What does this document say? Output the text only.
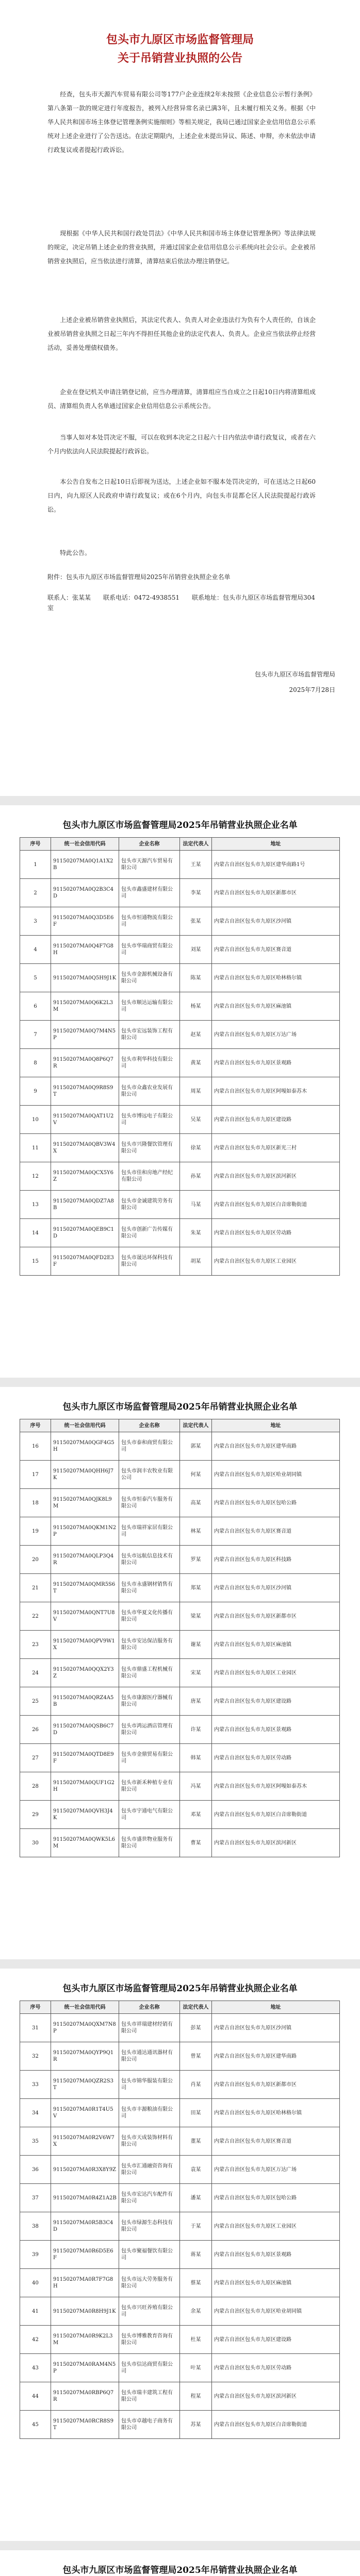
包头市九原区市场监督管理局
关于吊销营业执照的公告

经查，包头市天源汽车贸易有限公司等177户企业连续2年未按照《企业信息公示暂行条例》第八条第一款的规定进行年度报告，被列入经营异常名录已满3年，且未履行相关义务。根据《中华人民共和国市场主体登记管理条例实施细则》等相关规定，我局已通过国家企业信用信息公示系统对上述企业进行了公告送达。在法定期限内，上述企业未提出异议、陈述、申辩，亦未依法申请行政复议或者提起行政诉讼。

现根据《中华人民共和国行政处罚法》《中华人民共和国市场主体登记管理条例》等法律法规的规定，决定吊销上述企业的营业执照，并通过国家企业信用信息公示系统向社会公示。企业被吊销营业执照后，应当依法进行清算，清算结束后依法办理注销登记。

上述企业被吊销营业执照后，其法定代表人、负责人对企业违法行为负有个人责任的，自该企业被吊销营业执照之日起三年内不得担任其他企业的法定代表人、负责人。企业应当依法停止经营活动，妥善处理债权债务。

企业在登记机关申请注销登记前，应当办理清算，清算组应当自成立之日起10日内将清算组成员、清算组负责人名单通过国家企业信用信息公示系统公告。

当事人如对本处罚决定不服，可以在收到本决定之日起六十日内依法申请行政复议，或者在六个月内依法向人民法院提起行政诉讼。

本公告自发布之日起10日后即视为送达，上述企业如不服本处罚决定的，可在送达之日起60日内，向九原区人民政府申请行政复议；或在6个月内，向包头市昆都仑区人民法院提起行政诉讼。

特此公告。

附件：包头市九原区市场监督管理局2025年吊销营业执照企业名单
联系人：张某某　　联系电话：0472-4938551　　联系地址：包头市九原区市场监督管理局304室
包头市九原区市场监督管理局
2025年7月28日
包头市九原区市场监督管理局2025年吊销营业执照企业名单
序号	统一社会信用代码	企业名称	法定代表人	地址
1	91150207MA0Q1A1X2B	包头市天源汽车贸易有限公司	王某	内蒙古自治区包头市九原区建华南路1号
2	91150207MA0Q2B3C4D	包头市鑫盛建材有限公司	李某	内蒙古自治区包头市九原区新都市区
3	91150207MA0Q3D5E6F	包头市恒通物流有限公司	张某	内蒙古自治区包头市九原区沙河镇
4	91150207MA0Q4F7G8H	包头市华瑞商贸有限公司	刘某	内蒙古自治区包头市九原区赛音道
5	91150207MA0Q5H9J1K	包头市金源机械设备有限公司	陈某	内蒙古自治区包头市九原区哈林格尔镇
6	91150207MA0Q6K2L3M	包头市顺达运输有限公司	杨某	内蒙古自治区包头市九原区麻池镇
7	91150207MA0Q7M4N5P	包头市宏远装饰工程有限公司	赵某	内蒙古自治区包头市九原区万达广场
8	91150207MA0Q8P6Q7R	包头市利华科技有限公司	黄某	内蒙古自治区包头市九原区景观路
9	91150207MA0Q9R8S9T	包头市众鑫农业发展有限公司	周某	内蒙古自治区包头市九原区阿嘎如泰苏木
10	91150207MA0QAT1U2V	包头市博远电子有限公司	吴某	内蒙古自治区包头市九原区建设路
11	91150207MA0QBV3W4X	包头市兴隆餐饮管理有限公司	徐某	内蒙古自治区包头市九原区新光三村
12	91150207MA0QCX5Y6Z	包头市佳和房地产经纪有限公司	孙某	内蒙古自治区包头市九原区滨河新区
13	91150207MA0QDZ7A8B	包头市金诚建筑劳务有限公司	马某	内蒙古自治区包头市九原区白音席勒街道
14	91150207MA0QEB9C1D	包头市创新广告传媒有限公司	朱某	内蒙古自治区包头市九原区劳动路
15	91150207MA0QFD2E3F	包头市晟达环保科技有限公司	胡某	内蒙古自治区包头市九原区工业园区
包头市九原区市场监督管理局2025年吊销营业执照企业名单
序号	统一社会信用代码	企业名称	法定代表人	地址
16	91150207MA0QGF4G5H	包头市泰和商贸有限公司	郭某	内蒙古自治区包头市九原区建华南路
17	91150207MA0QHH6J7K	包头市润丰农牧业有限公司	何某	内蒙古自治区包头市九原区哈业胡同镇
18	91150207MA0QJK8L9M	包头市恒泰汽车服务有限公司	高某	内蒙古自治区包头市九原区包哈公路
19	91150207MA0QKM1N2P	包头市瑞祥家居有限公司	林某	内蒙古自治区包头市九原区赛音道
20	91150207MA0QLP3Q4R	包头市远航信息技术有限公司	罗某	内蒙古自治区包头市九原区科技路
21	91150207MA0QMR5S6T	包头市永盛钢材销售有限公司	郑某	内蒙古自治区包头市九原区沙河镇
22	91150207MA0QNT7U8V	包头市华夏文化传播有限公司	梁某	内蒙古自治区包头市九原区新都市区
23	91150207MA0QPV9W1X	包头市安达保洁服务有限公司	谢某	内蒙古自治区包头市九原区麻池镇
24	91150207MA0QQX2Y3Z	包头市鼎盛工程机械有限公司	宋某	内蒙古自治区包头市九原区工业园区
25	91150207MA0QRZ4A5B	包头市康源医疗器械有限公司	唐某	内蒙古自治区包头市九原区建设路
26	91150207MA0QSB6C7D	包头市鸿运酒店管理有限公司	许某	内蒙古自治区包头市九原区景观路
27	91150207MA0QTD8E9F	包头市金鼎贸易有限公司	韩某	内蒙古自治区包头市九原区劳动路
28	91150207MA0QUF1G2H	包头市新禾种植专业有限公司	冯某	内蒙古自治区包头市九原区阿嘎如泰苏木
29	91150207MA0QVH3J4K	包头市宇通电气有限公司	邓某	内蒙古自治区包头市九原区白音席勒街道
30	91150207MA0QWK5L6M	包头市盛世物业服务有限公司	曹某	内蒙古自治区包头市九原区滨河新区
包头市九原区市场监督管理局2025年吊销营业执照企业名单
序号	统一社会信用代码	企业名称	法定代表人	地址
31	91150207MA0QXM7N8P	包头市祥瑞建材经销有限公司	彭某	内蒙古自治区包头市九原区沙河镇
32	91150207MA0QYP9Q1R	包头市通达通讯器材有限公司	曾某	内蒙古自治区包头市九原区建华南路
33	91150207MA0QZR2S3T	包头市锦华服装有限公司	肖某	内蒙古自治区包头市九原区新都市区
34	91150207MA0R1T4U5V	包头市丰源粮油有限公司	田某	内蒙古自治区包头市九原区哈林格尔镇
35	91150207MA0R2V6W7X	包头市天成装饰材料有限公司	董某	内蒙古自治区包头市九原区赛音道
36	91150207MA0R3X8Y9Z	包头市汇通融资咨询有限公司	袁某	内蒙古自治区包头市九原区万达广场
37	91150207MA0R4Z1A2B	包头市宏达汽车配件有限公司	潘某	内蒙古自治区包头市九原区包哈公路
38	91150207MA0R5B3C4D	包头市绿源生态科技有限公司	于某	内蒙古自治区包头市九原区工业园区
39	91150207MA0R6D5E6F	包头市聚福餐饮有限公司	蒋某	内蒙古自治区包头市九原区景观路
40	91150207MA0R7F7G8H	包头市远大劳务服务有限公司	蔡某	内蒙古自治区包头市九原区麻池镇
41	91150207MA0R8H9J1K	包头市兴旺养殖有限公司	余某	内蒙古自治区包头市九原区哈业胡同镇
42	91150207MA0R9K2L3M	包头市博雅教育咨询有限公司	杜某	内蒙古自治区包头市九原区建设路
43	91150207MA0RAM4N5P	包头市信达商贸有限公司	叶某	内蒙古自治区包头市九原区劳动路
44	91150207MA0RBP6Q7R	包头市瑞丰建筑工程有限公司	程某	内蒙古自治区包头市九原区滨河新区
45	91150207MA0RCR8S9T	包头市卓越电子商务有限公司	苏某	内蒙古自治区包头市九原区白音席勒街道
包头市九原区市场监督管理局2025年吊销营业执照企业名单
